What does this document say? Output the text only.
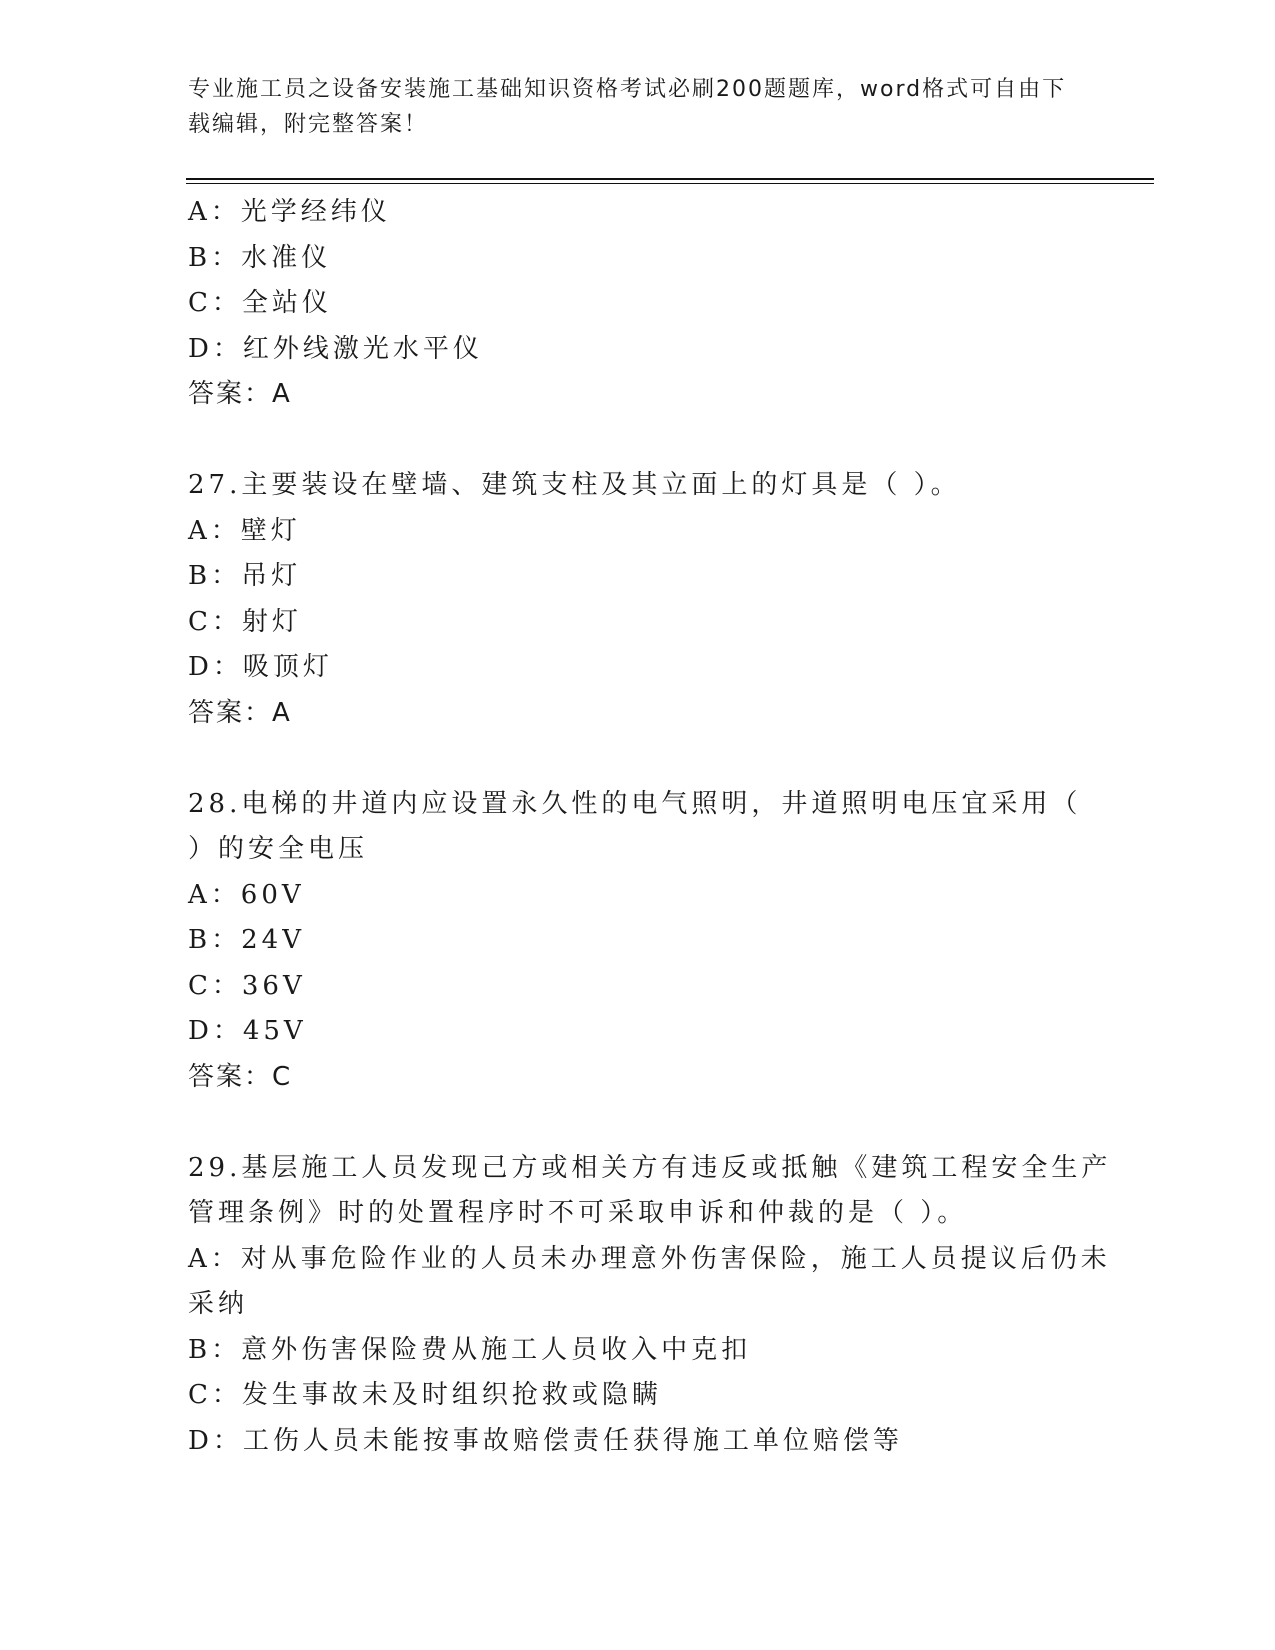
专业施工员之设备安装施工基础知识资格考试必刷200题题库，word格式可自由下载编辑，附完整答案！
A：光学经纬仪
B：水准仪
C：全站仪
D：红外线激光水平仪
答案：A
27.主要装设在壁墙、建筑支柱及其立面上的灯具是（ ）。
A：壁灯
B：吊灯
C：射灯
D：吸顶灯
答案：A
28.电梯的井道内应设置永久性的电气照明，井道照明电压宜采用（
）的安全电压
A：60V
B：24V
C：36V
D：45V
答案：C
29.基层施工人员发现己方或相关方有违反或抵触《建筑工程安全生产
管理条例》时的处置程序时不可采取申诉和仲裁的是（ ）。
A：对从事危险作业的人员未办理意外伤害保险，施工人员提议后仍未
采纳
B：意外伤害保险费从施工人员收入中克扣
C：发生事故未及时组织抢救或隐瞒
D：工伤人员未能按事故赔偿责任获得施工单位赔偿等
